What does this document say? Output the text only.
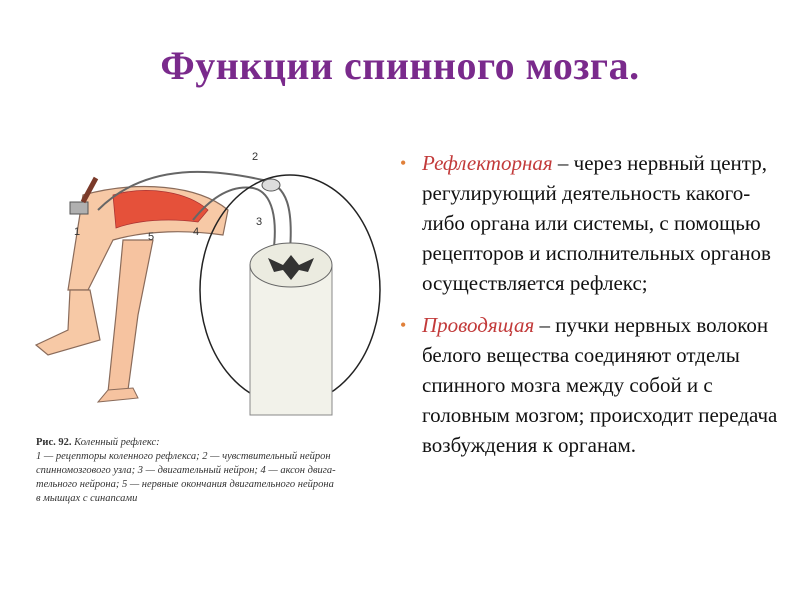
Функции спинного мозга.
1
2
3
4
5
Рис. 92. Коленный рефлекс:
1 — рецепторы коленного рефлекса; 2 — чувствительный нейрон
спинномозгового узла; 3 — двигательный нейрон; 4 — аксон двига-
тельного нейрона; 5 — нервные окончания двигательного нейрона
в мышцах с синапсами
• Рефлекторная – через нервный центр, регулирующий деятельность какого-либо органа или системы, с помощью рецепторов и исполнительных органов осуществляется рефлекс;
• Проводящая – пучки нервных волокон белого вещества соединяют отделы спинного мозга между собой и с головным мозгом; происходит передача возбуждения к органам.
